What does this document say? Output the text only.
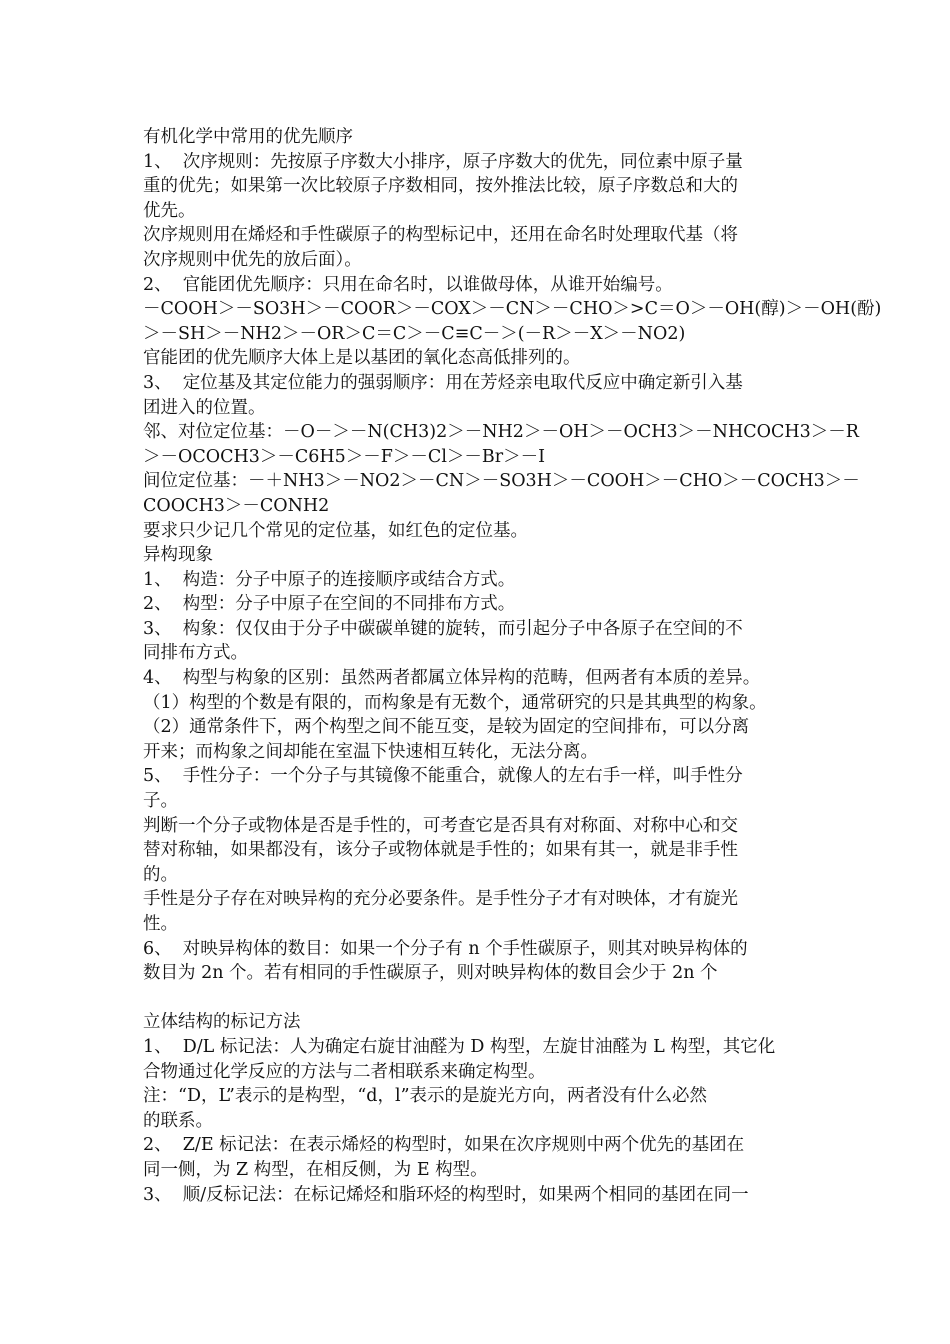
有机化学中常用的优先顺序
1、  次序规则：先按原子序数大小排序，原子序数大的优先，同位素中原子量
重的优先；如果第一次比较原子序数相同，按外推法比较，原子序数总和大的
优先。
次序规则用在烯烃和手性碳原子的构型标记中，还用在命名时处理取代基（将
次序规则中优先的放后面）。
2、  官能团优先顺序：只用在命名时，以谁做母体，从谁开始编号。
－COOH＞－SO3H＞－COOR＞－COX＞－CN＞－CHO＞>C＝O＞－OH(醇)＞－OH(酚)
＞－SH＞－NH2＞－OR＞C＝C＞－C≡C－＞(－R＞－X＞－NO2)
官能团的优先顺序大体上是以基团的氧化态高低排列的。
3、  定位基及其定位能力的强弱顺序：用在芳烃亲电取代反应中确定新引入基
团进入的位置。
邻、对位定位基：－O－＞－N(CH3)2＞－NH2＞－OH＞－OCH3＞－NHCOCH3＞－R
＞－OCOCH3＞－C6H5＞－F＞－Cl＞－Br＞－I
间位定位基：－＋NH3＞－NO2＞－CN＞－SO3H＞－COOH＞－CHO＞－COCH3＞－
COOCH3＞－CONH2
要求只少记几个常见的定位基，如红色的定位基。
异构现象
1、  构造：分子中原子的连接顺序或结合方式。
2、  构型：分子中原子在空间的不同排布方式。
3、  构象：仅仅由于分子中碳碳单键的旋转，而引起分子中各原子在空间的不
同排布方式。
4、  构型与构象的区别：虽然两者都属立体异构的范畴，但两者有本质的差异。
（1）构型的个数是有限的，而构象是有无数个，通常研究的只是其典型的构象。
（2）通常条件下，两个构型之间不能互变，是较为固定的空间排布，可以分离
开来；而构象之间却能在室温下快速相互转化，无法分离。
5、  手性分子：一个分子与其镜像不能重合，就像人的左右手一样，叫手性分
子。
判断一个分子或物体是否是手性的，可考查它是否具有对称面、对称中心和交
替对称轴，如果都没有，该分子或物体就是手性的；如果有其一，就是非手性
的。
手性是分子存在对映异构的充分必要条件。是手性分子才有对映体，才有旋光
性。
6、  对映异构体的数目：如果一个分子有 n 个手性碳原子，则其对映异构体的
数目为 2n 个。若有相同的手性碳原子，则对映异构体的数目会少于 2n 个
立体结构的标记方法
1、  D/L 标记法：人为确定右旋甘油醛为 D 构型，左旋甘油醛为 L 构型，其它化
合物通过化学反应的方法与二者相联系来确定构型。
注：“D，L”表示的是构型，“d，l”表示的是旋光方向，两者没有什么必然
的联系。
2、  Z/E 标记法：在表示烯烃的构型时，如果在次序规则中两个优先的基团在
同一侧，为 Z 构型，在相反侧，为 E 构型。
3、  顺/反标记法：在标记烯烃和脂环烃的构型时，如果两个相同的基团在同一
